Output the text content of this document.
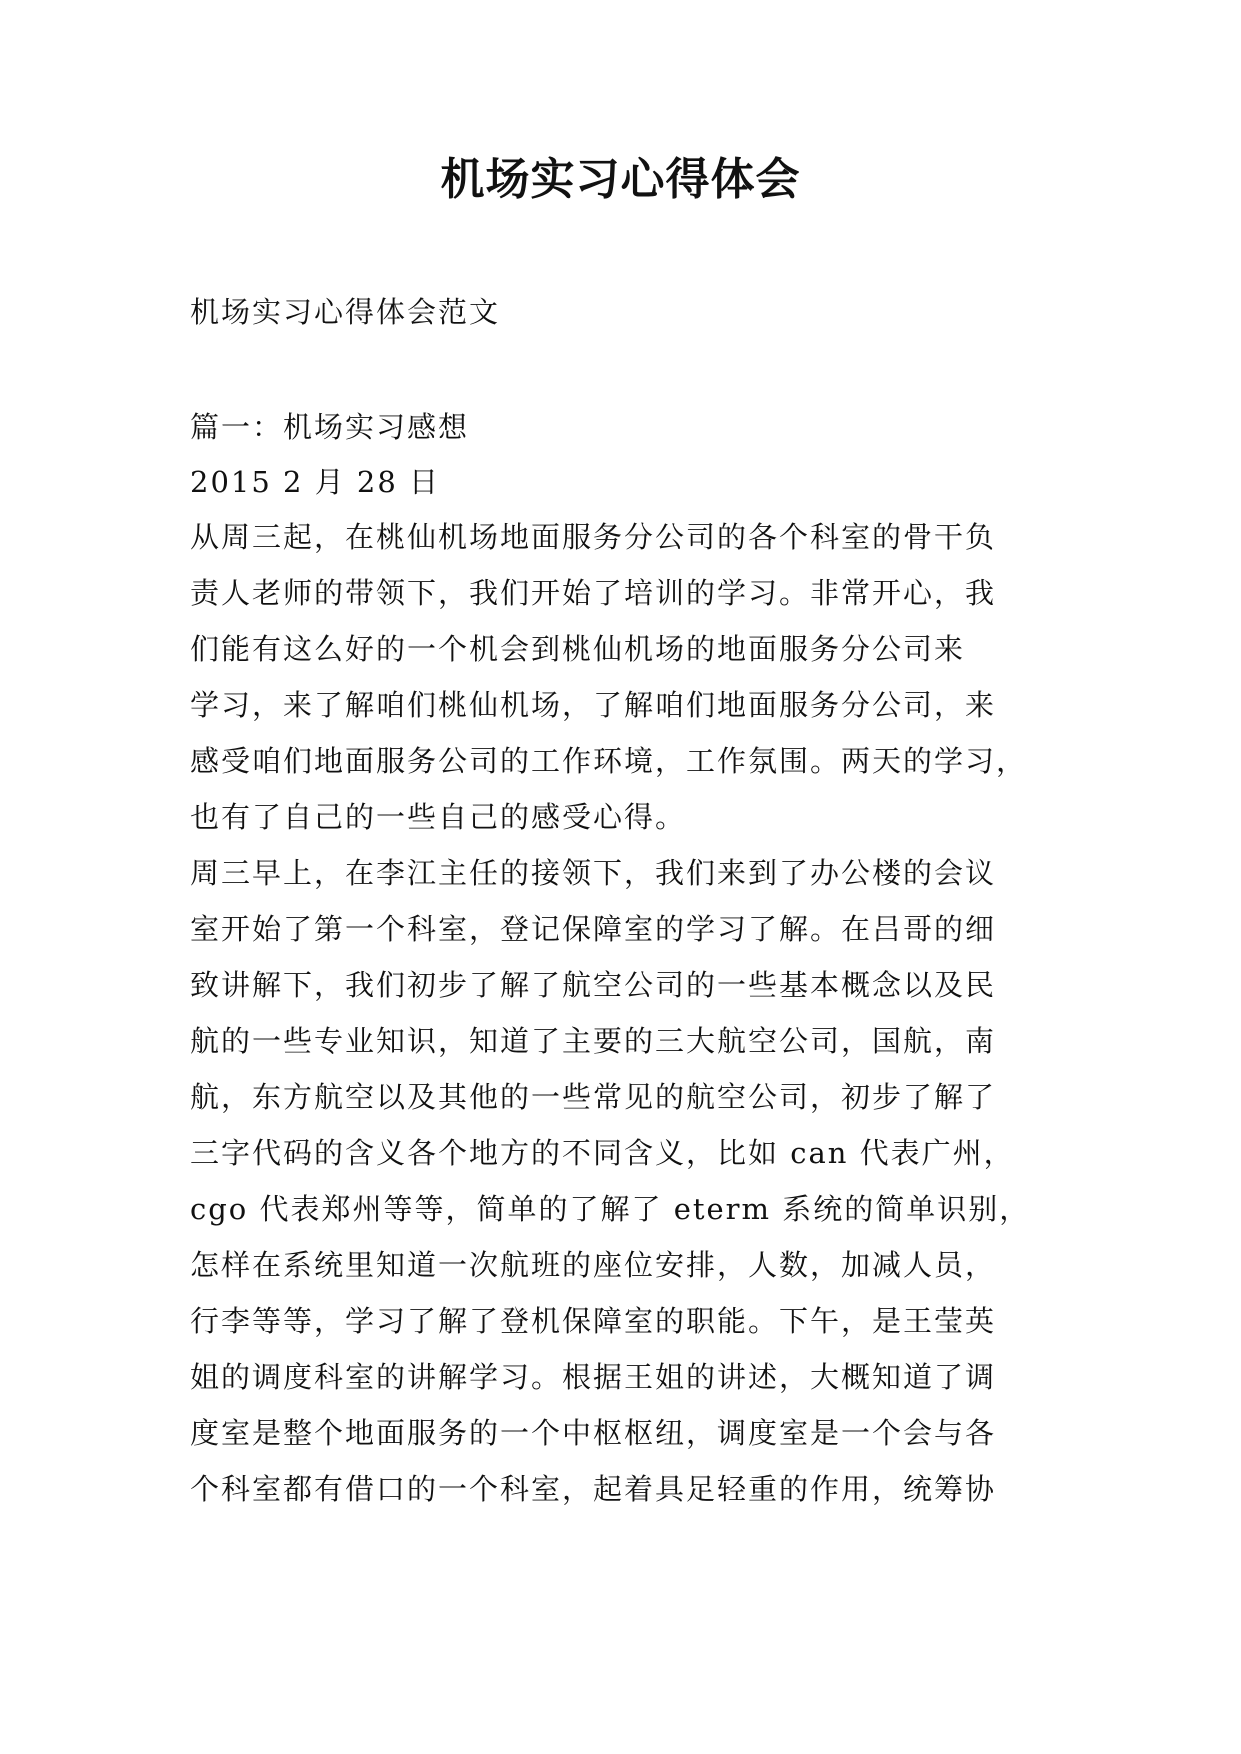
机场实习心得体会
机场实习心得体会范文
篇一：机场实习感想
2015 2 月 28 日
从周三起，在桃仙机场地面服务分公司的各个科室的骨干负
责人老师的带领下，我们开始了培训的学习。非常开心，我
们能有这么好的一个机会到桃仙机场的地面服务分公司来
学习，来了解咱们桃仙机场，了解咱们地面服务分公司，来
感受咱们地面服务公司的工作环境，工作氛围。两天的学习，
也有了自己的一些自己的感受心得。
周三早上，在李江主任的接领下，我们来到了办公楼的会议
室开始了第一个科室，登记保障室的学习了解。在吕哥的细
致讲解下，我们初步了解了航空公司的一些基本概念以及民
航的一些专业知识，知道了主要的三大航空公司，国航，南
航，东方航空以及其他的一些常见的航空公司，初步了解了
三字代码的含义各个地方的不同含义，比如 can 代表广州，
cgo 代表郑州等等，简单的了解了 eterm 系统的简单识别，
怎样在系统里知道一次航班的座位安排，人数，加减人员，
行李等等，学习了解了登机保障室的职能。下午，是王莹英
姐的调度科室的讲解学习。根据王姐的讲述，大概知道了调
度室是整个地面服务的一个中枢枢纽，调度室是一个会与各
个科室都有借口的一个科室，起着具足轻重的作用，统筹协
